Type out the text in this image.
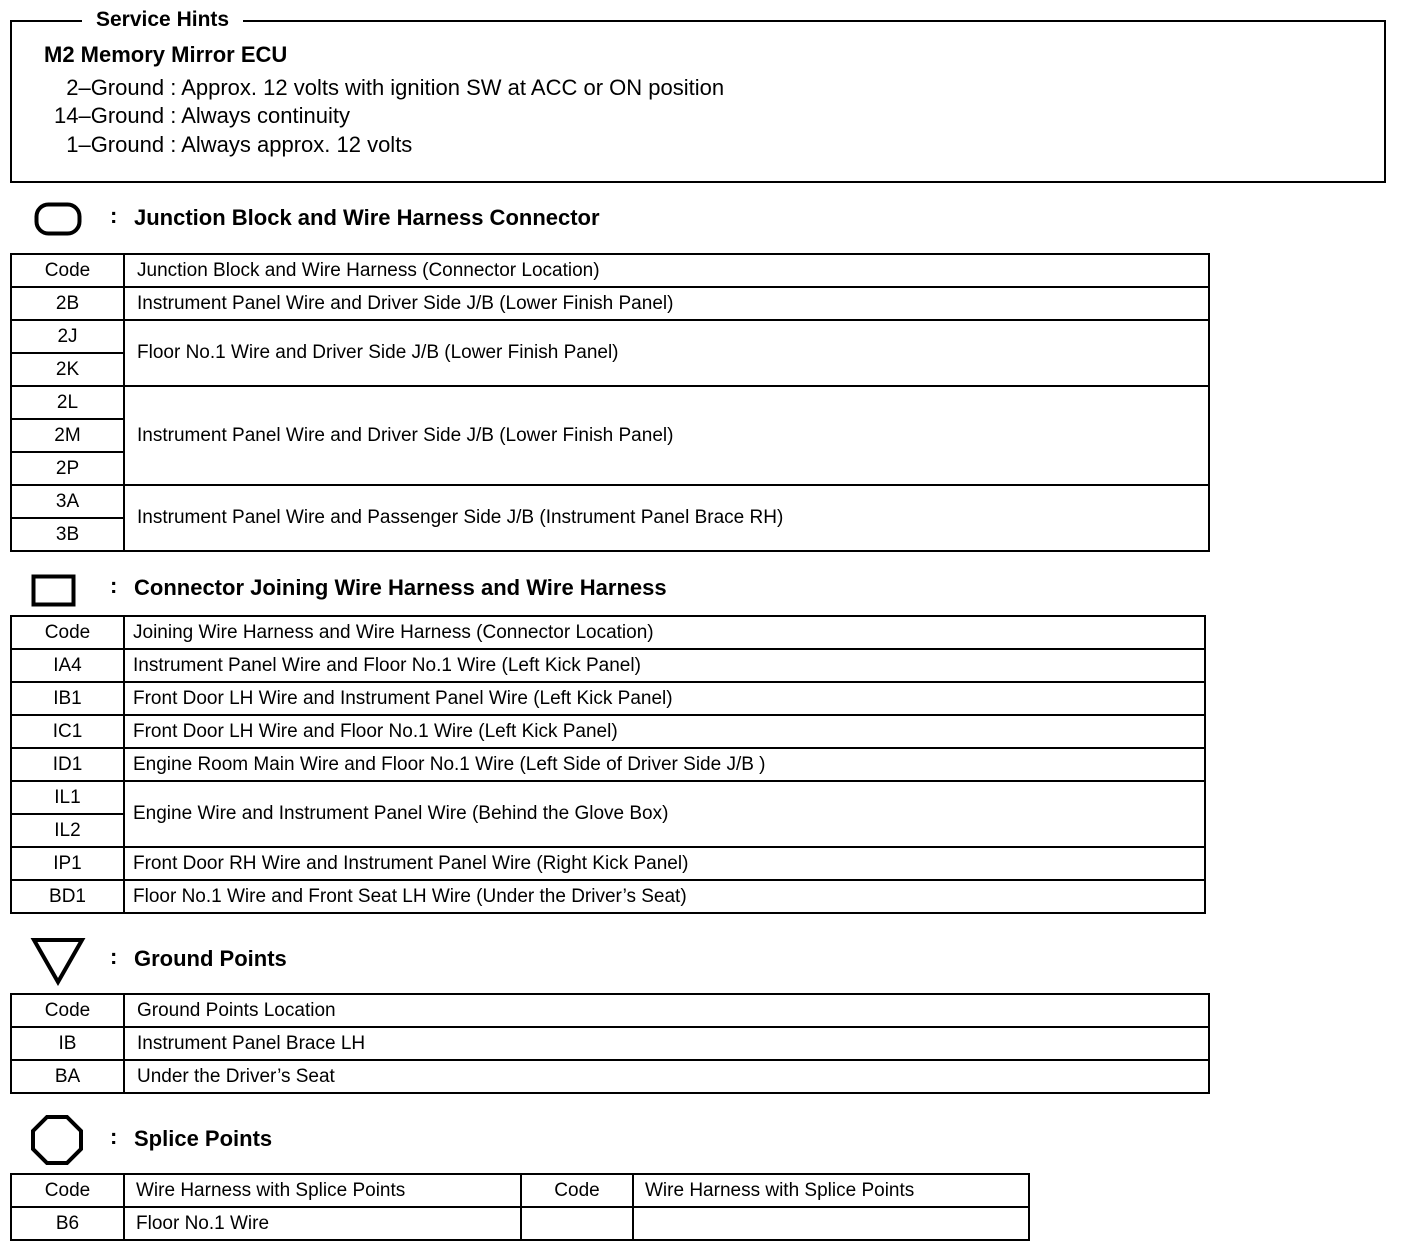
M2 Memory Mirror ECU
2–Ground : Approx. 12 volts with ignition SW at ACC or ON position
14–Ground : Always continuity
1–Ground : Always approx. 12 volts
Service Hints
: Junction Block and Wire Harness Connector
Code	Junction Block and Wire Harness (Connector Location)
2B	Instrument Panel Wire and Driver Side J/B (Lower Finish Panel)
2J	Floor No.1 Wire and Driver Side J/B (Lower Finish Panel)
2K	
2L	Instrument Panel Wire and Driver Side J/B (Lower Finish Panel)
2M	
2P	
3A	Instrument Panel Wire and Passenger Side J/B (Instrument Panel Brace RH)
3B	
: Connector Joining Wire Harness and Wire Harness
Code	Joining Wire Harness and Wire Harness (Connector Location)
IA4	Instrument Panel Wire and Floor No.1 Wire (Left Kick Panel)
IB1	Front Door LH Wire and Instrument Panel Wire (Left Kick Panel)
IC1	Front Door LH Wire and Floor No.1 Wire (Left Kick Panel)
ID1	Engine Room Main Wire and Floor No.1 Wire (Left Side of Driver Side J/B )
IL1	Engine Wire and Instrument Panel Wire (Behind the Glove Box)
IL2	
IP1	Front Door RH Wire and Instrument Panel Wire (Right Kick Panel)
BD1	Floor No.1 Wire and Front Seat LH Wire (Under the Driver’s Seat)
: Ground Points
Code	Ground Points Location
IB	Instrument Panel Brace LH
BA	Under the Driver’s Seat
: Splice Points
Code	Wire Harness with Splice Points	Code	Wire Harness with Splice Points
B6	Floor No.1 Wire		
